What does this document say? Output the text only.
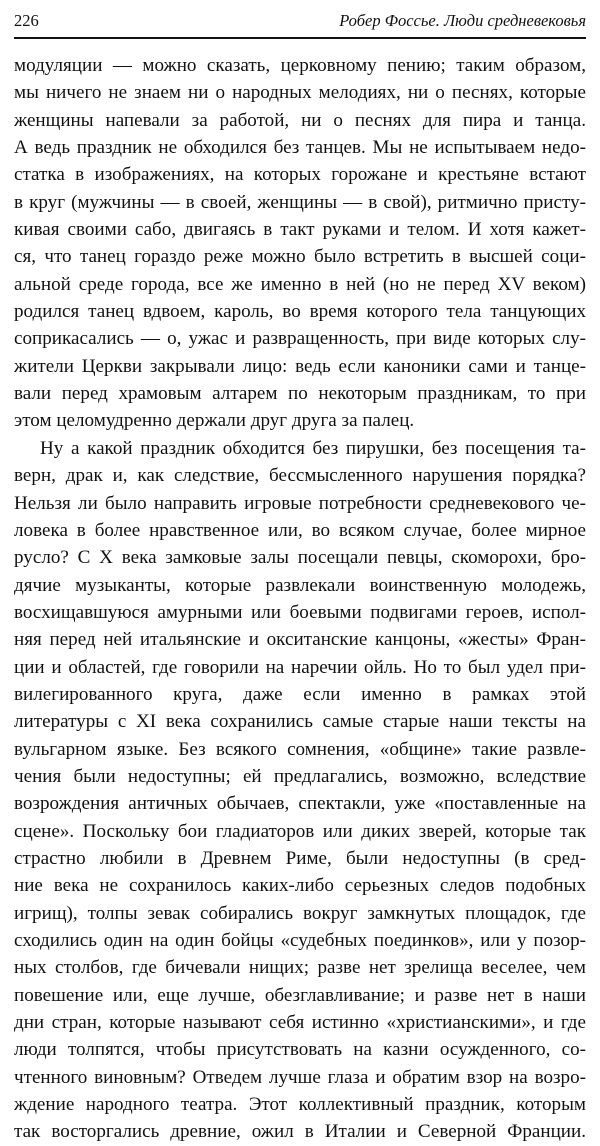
226	Робер Фоссье. Люди средневековья
модуляции — можно сказать, церковному пению; таким образом,
мы ничего не знаем ни о народных мелодиях, ни о песнях, которые
женщины напевали за работой, ни о песнях для пира и танца.
А ведь праздник не обходился без танцев. Мы не испытываем недо-
статка в изображениях, на которых горожане и крестьяне встают
в круг (мужчины — в своей, женщины — в свой), ритмично присту-
кивая своими сабо, двигаясь в такт руками и телом. И хотя кажет-
ся, что танец гораздо реже можно было встретить в высшей соци-
альной среде города, все же именно в ней (но не перед XV веком)
родился танец вдвоем, кароль, во время которого тела танцующих
соприкасались — о, ужас и развращенность, при виде которых слу-
жители Церкви закрывали лицо: ведь если каноники сами и танце-
вали перед храмовым алтарем по некоторым праздникам, то при
этом целомудренно держали друг друга за палец.
Ну а какой праздник обходится без пирушки, без посещения та-
верн, драк и, как следствие, бессмысленного нарушения порядка?
Нельзя ли было направить игровые потребности средневекового че-
ловека в более нравственное или, во всяком случае, более мирное
русло? С X века замковые залы посещали певцы, скоморохи, бро-
дячие музыканты, которые развлекали воинственную молодежь,
восхищавшуюся амурными или боевыми подвигами героев, испол-
няя перед ней итальянские и окситанские канцоны, «жесты» Фран-
ции и областей, где говорили на наречии ойль. Но то был удел при-
вилегированного круга, даже если именно в рамках этой
литературы с XI века сохранились самые старые наши тексты на
вульгарном языке. Без всякого сомнения, «общине» такие развле-
чения были недоступны; ей предлагались, возможно, вследствие
возрождения античных обычаев, спектакли, уже «поставленные на
сцене». Поскольку бои гладиаторов или диких зверей, которые так
страстно любили в Древнем Риме, были недоступны (в сред-
ние века не сохранилось каких-либо серьезных следов подобных
игрищ), толпы зевак собирались вокруг замкнутых площадок, где
сходились один на один бойцы «судебных поединков», или у позор-
ных столбов, где бичевали нищих; разве нет зрелища веселее, чем
повешение или, еще лучше, обезглавливание; и разве нет в наши
дни стран, которые называют себя истинно «христианскими», и где
люди толпятся, чтобы присутствовать на казни осужденного, со-
чтенного виновным? Отведем лучше глаза и обратим взор на возро-
ждение народного театра. Этот коллективный праздник, которым
так восторгались древние, ожил в Италии и Северной Франции.
